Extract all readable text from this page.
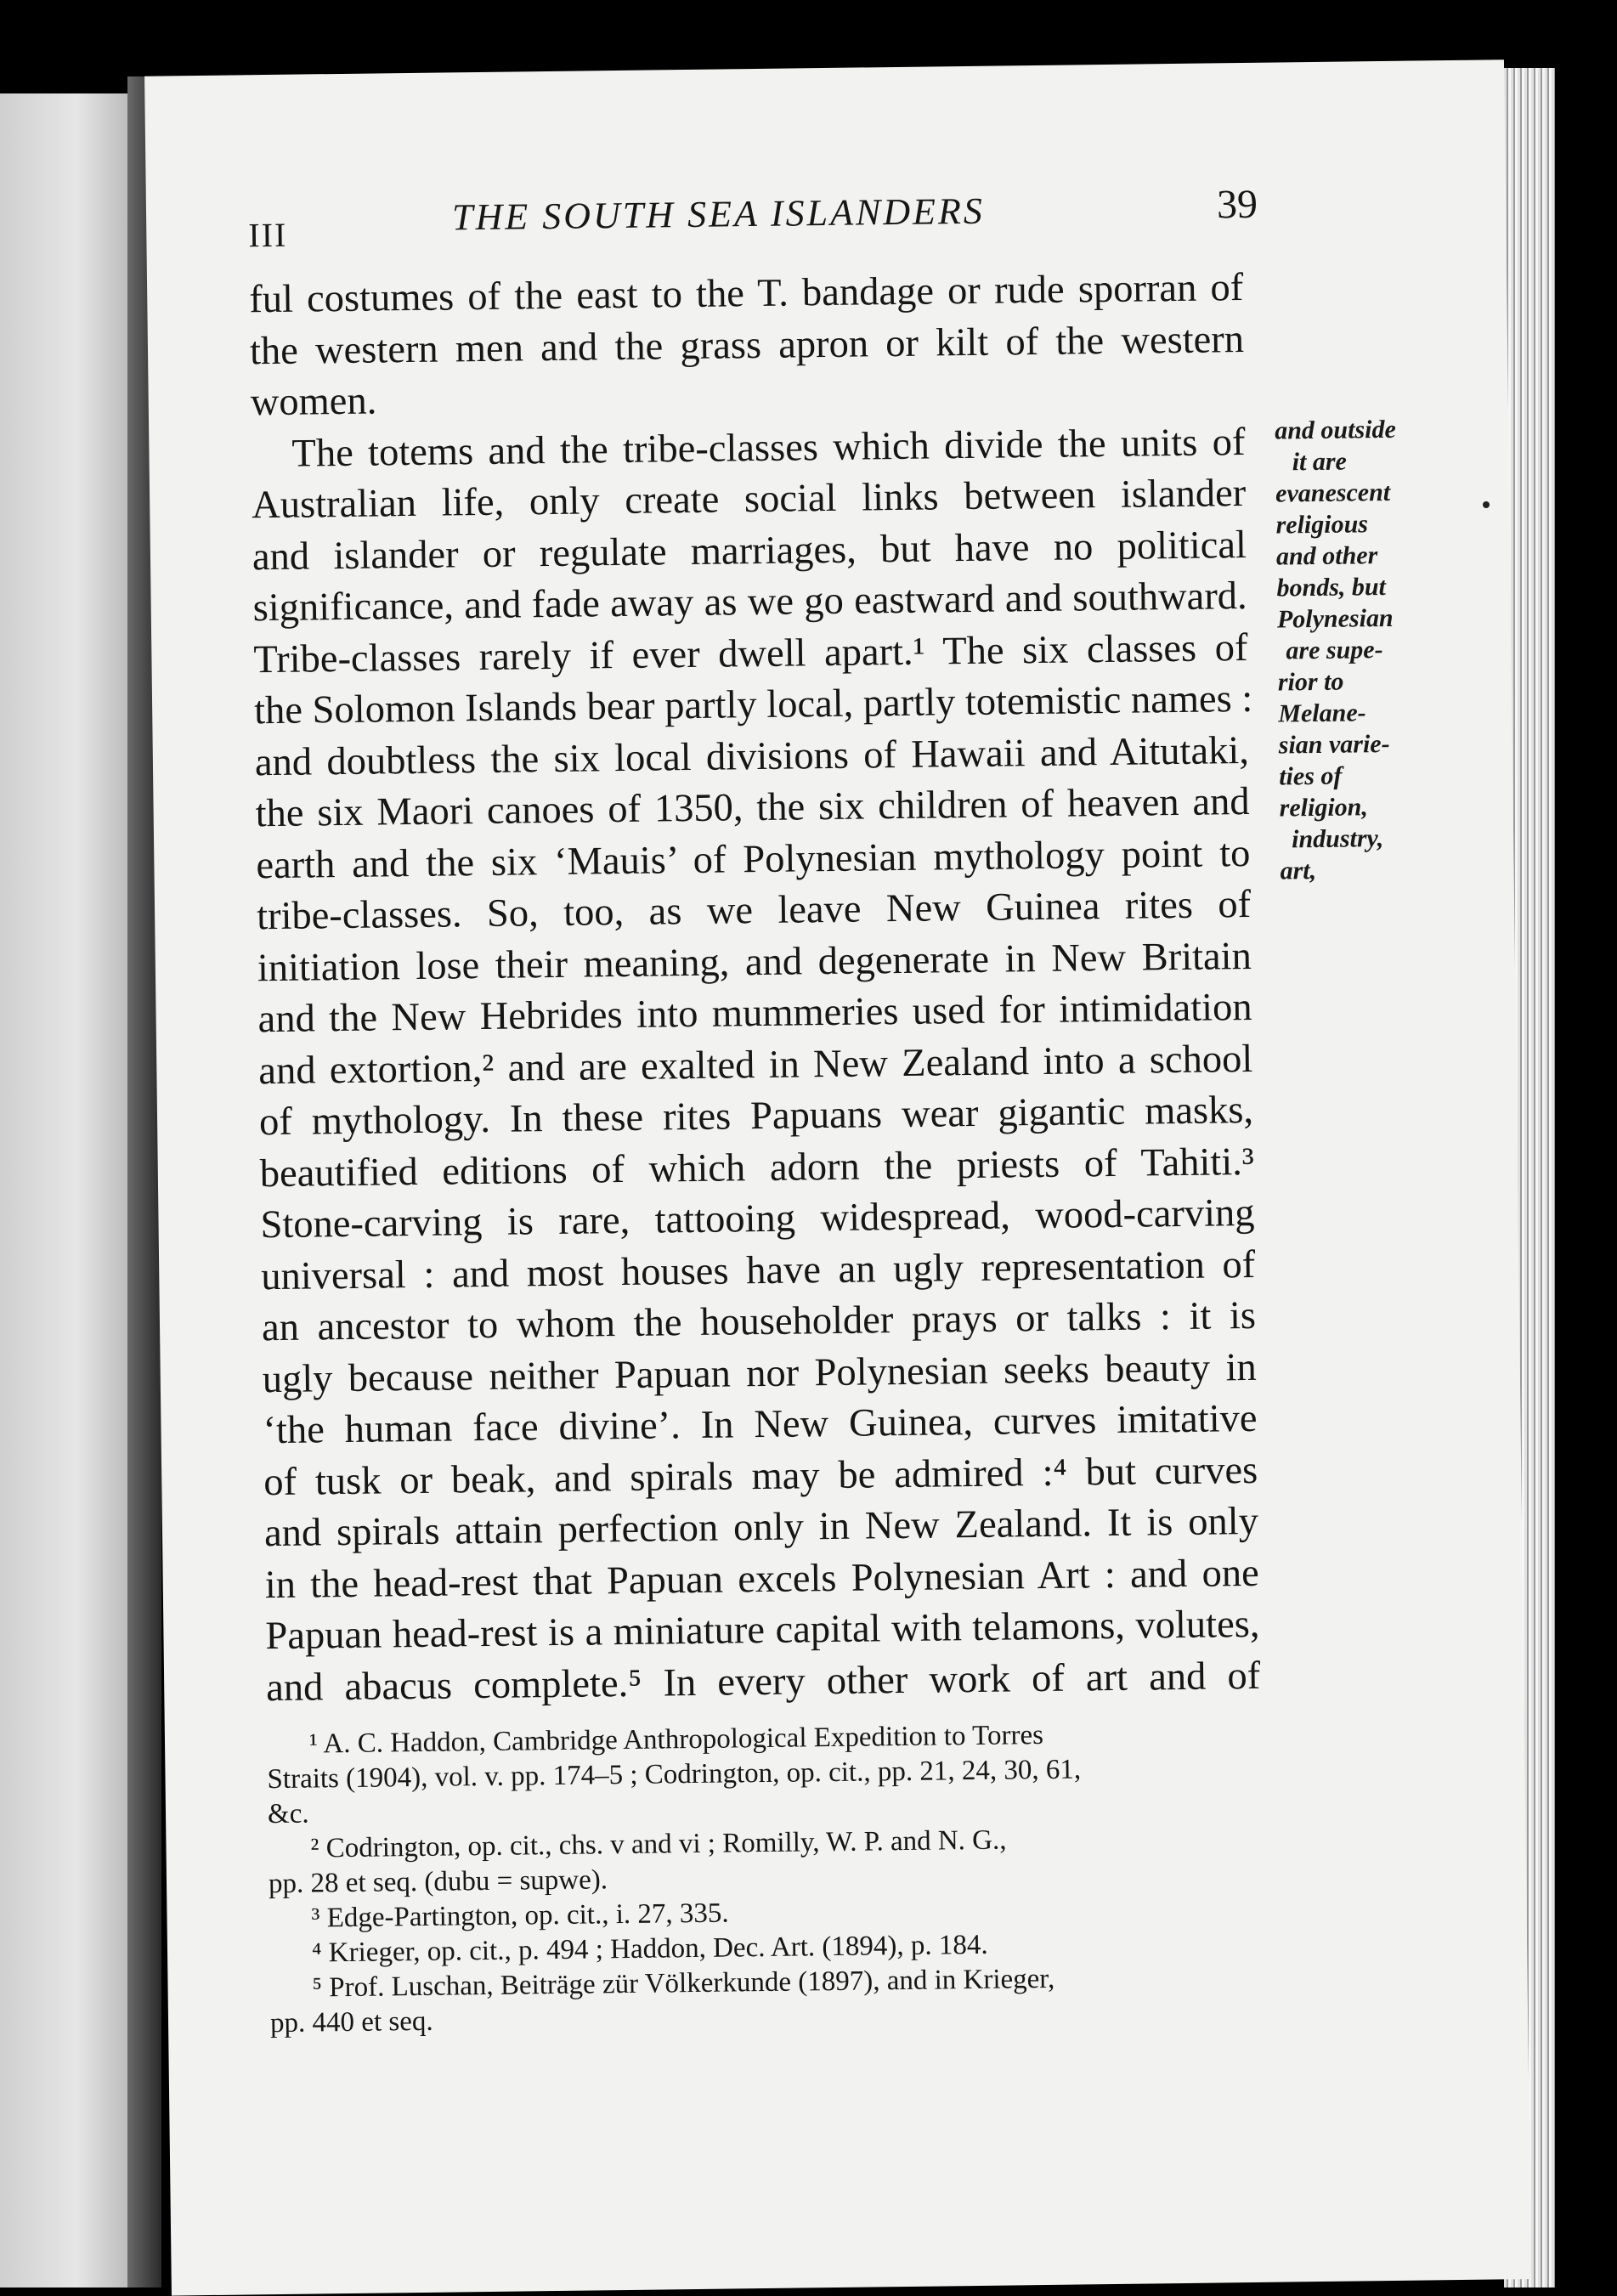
III	THE SOUTH SEA ISLANDERS	39
ful costumes of the east to the T. bandage or rude sporran of
the western men and the grass apron or kilt of the western
women.
The totems and the tribe-classes which divide the units of
Australian life, only create social links between islander
and islander or regulate marriages, but have no political
significance, and fade away as we go eastward and southward.
Tribe-classes rarely if ever dwell apart.¹ The six classes of
the Solomon Islands bear partly local, partly totemistic names :
and doubtless the six local divisions of Hawaii and Aitutaki,
the six Maori canoes of 1350, the six children of heaven and
earth and the six ‘Mauis’ of Polynesian mythology point to
tribe-classes. So, too, as we leave New Guinea rites of
initiation lose their meaning, and degenerate in New Britain
and the New Hebrides into mummeries used for intimidation
and extortion,² and are exalted in New Zealand into a school
of mythology. In these rites Papuans wear gigantic masks,
beautified editions of which adorn the priests of Tahiti.³
Stone-carving is rare, tattooing widespread, wood-carving
universal : and most houses have an ugly representation of
an ancestor to whom the householder prays or talks : it is
ugly because neither Papuan nor Polynesian seeks beauty in
‘the human face divine’. In New Guinea, curves imitative
of tusk or beak, and spirals may be admired :⁴ but curves
and spirals attain perfection only in New Zealand. It is only
in the head-rest that Papuan excels Polynesian Art : and one
Papuan head-rest is a miniature capital with telamons, volutes,
and abacus complete.⁵ In every other work of art and of
and outside
it are
evanescent
religious
and other
bonds, but
Polynesian
are supe-
rior to
Melane-
sian varie-
ties of
religion,
industry,
art,
¹ A. C. Haddon, Cambridge Anthropological Expedition to Torres
Straits (1904), vol. v. pp. 174–5 ; Codrington, op. cit., pp. 21, 24, 30, 61,
&c.
² Codrington, op. cit., chs. v and vi ; Romilly, W. P. and N. G.,
pp. 28 et seq. (dubu = supwe).
³ Edge-Partington, op. cit., i. 27, 335.
⁴ Krieger, op. cit., p. 494 ; Haddon, Dec. Art. (1894), p. 184.
⁵ Prof. Luschan, Beiträge zür Völkerkunde (1897), and in Krieger,
pp. 440 et seq.
